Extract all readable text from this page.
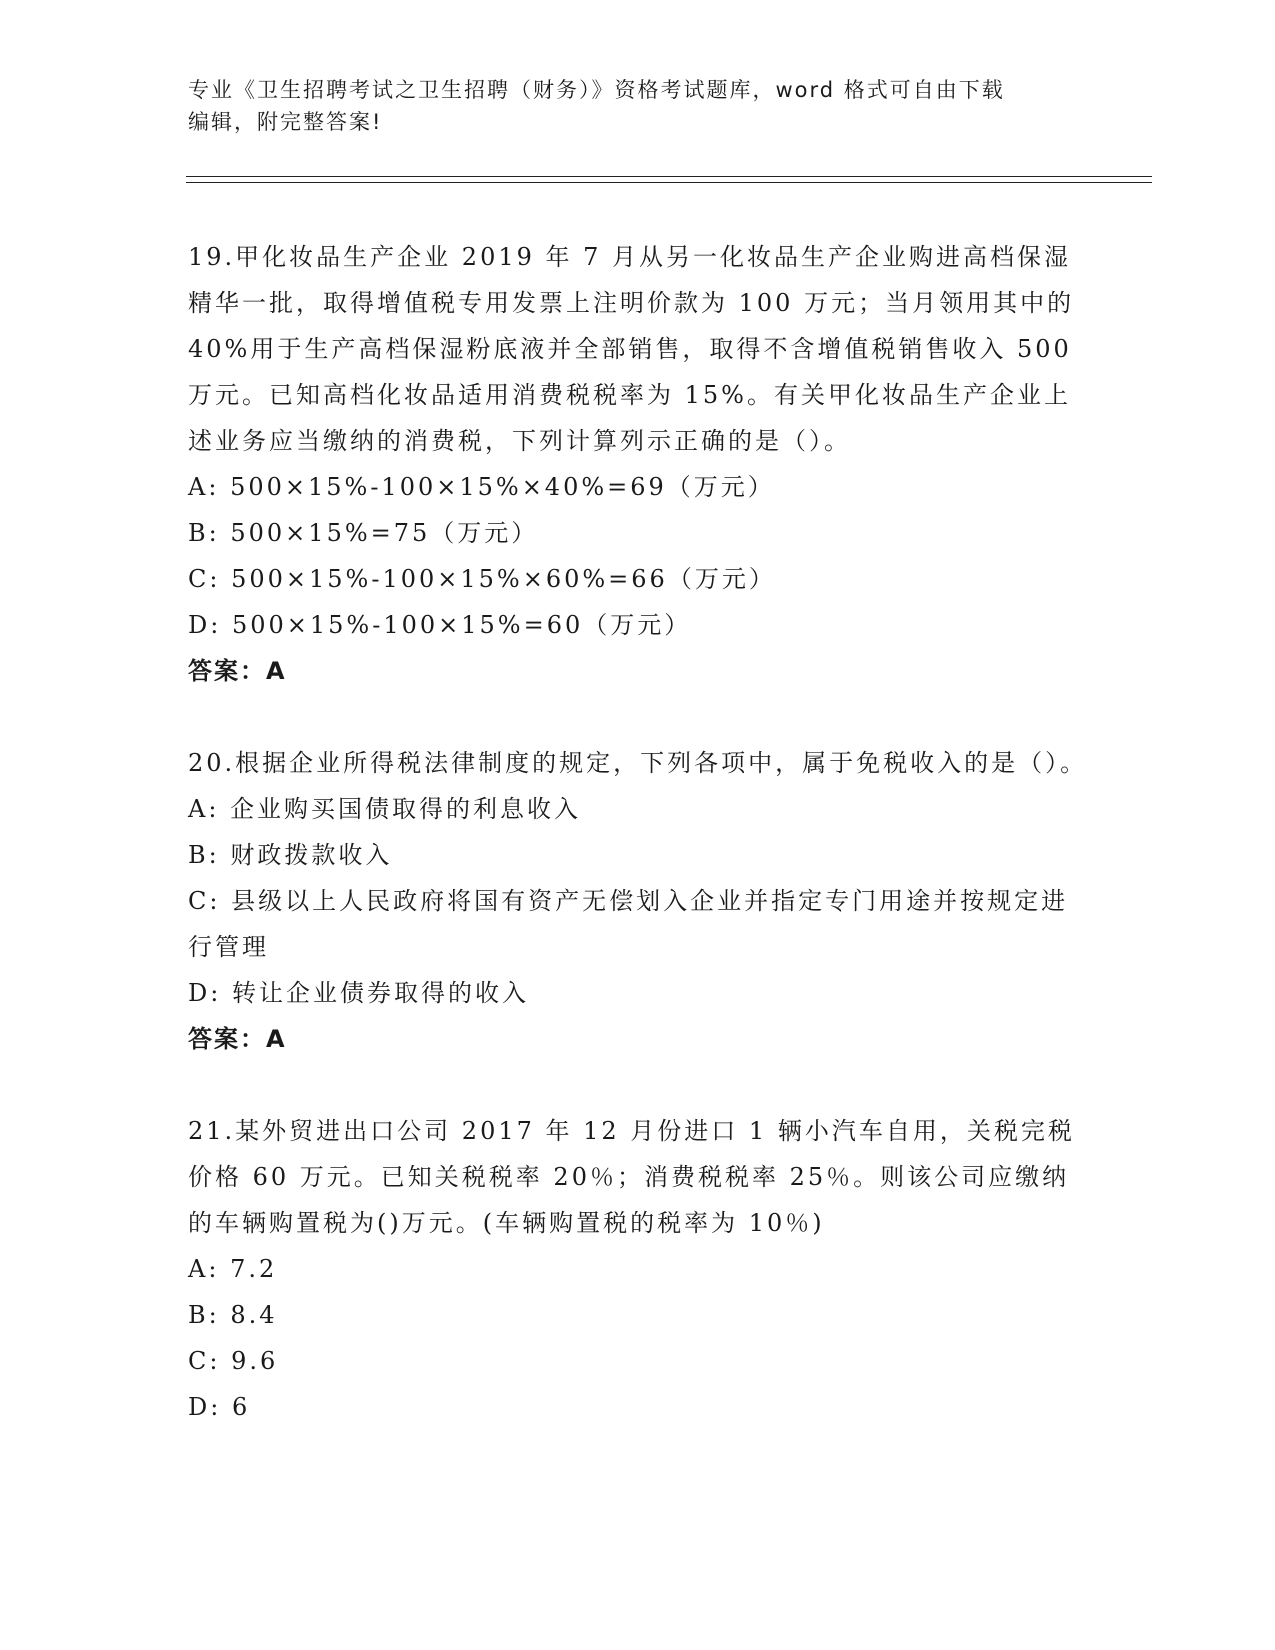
专业《卫生招聘考试之卫生招聘（财务）》资格考试题库，word 格式可自由下载
编辑，附完整答案!
19.甲化妆品生产企业 2019 年 7 月从另一化妆品生产企业购进高档保湿精华一批，取得增值税专用发票上注明价款为 100 万元；当月领用其中的 40%用于生产高档保湿粉底液并全部销售，取得不含增值税销售收入 500 万元。已知高档化妆品适用消费税税率为 15%。有关甲化妆品生产企业上述业务应当缴纳的消费税，下列计算列示正确的是（）。
A: 500×15%-100×15%×40%=69（万元）
B: 500×15%=75（万元）
C: 500×15%-100×15%×60%=66（万元）
D: 500×15%-100×15%=60（万元）
答案：A
20.根据企业所得税法律制度的规定，下列各项中，属于免税收入的是（）。
A: 企业购买国债取得的利息收入
B: 财政拨款收入
C: 县级以上人民政府将国有资产无偿划入企业并指定专门用途并按规定进行管理
D: 转让企业债券取得的收入
答案：A
21.某外贸进出口公司 2017 年 12 月份进口 1 辆小汽车自用，关税完税价格 60 万元。已知关税税率 20％；消费税税率 25％。则该公司应缴纳的车辆购置税为()万元。(车辆购置税的税率为 10％)
A: 7.2
B: 8.4
C: 9.6
D: 6
